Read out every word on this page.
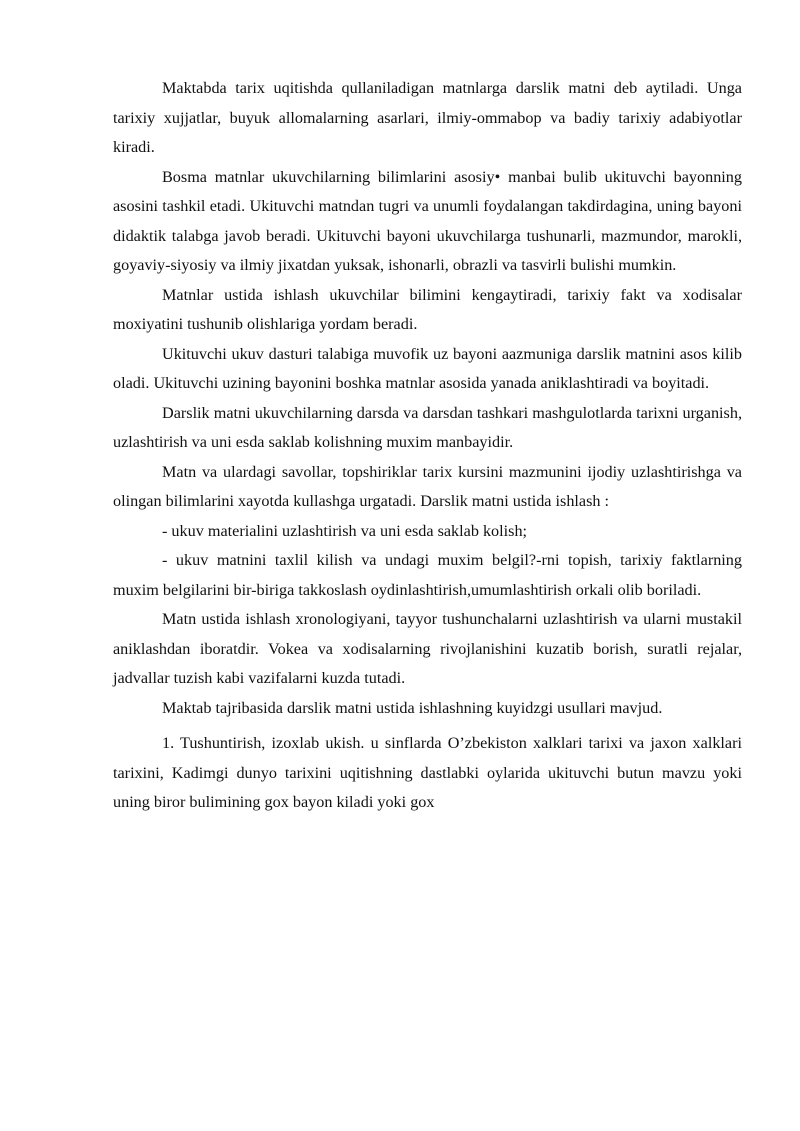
Maktabda tarix uqitishda qullaniladigan matnlarga darslik matni deb aytiladi. Unga tarixiy xujjatlar, buyuk allomalarning asarlari, ilmiy-ommabop va badiy tarixiy adabiyotlar kiradi.

Bosma matnlar ukuvchilarning bilimlarini asosiy• manbai bulib ukituvchi bayonning asosini tashkil etadi. Ukituvchi matndan tugri va unumli foydalangan takdirdagina, uning bayoni didaktik talabga javob beradi. Ukituvchi bayoni ukuvchilarga tushunarli, mazmundor, marokli, goyaviy-siyosiy va ilmiy jixatdan yuksak, ishonarli, obrazli va tasvirli bulishi mumkin.

Matnlar ustida ishlash ukuvchilar bilimini kengaytiradi, tarixiy fakt va xodisalar moxiyatini tushunib olishlariga yordam beradi.

Ukituvchi ukuv dasturi talabiga muvofik uz bayoni aazmuniga darslik matnini asos kilib oladi. Ukituvchi uzining bayonini boshka matnlar asosida yanada aniklashtiradi va boyitadi.

Darslik matni ukuvchilarning darsda va darsdan tashkari mashgulotlarda tarixni urganish, uzlashtirish va uni esda saklab kolishning muxim manbayidir.

Matn va ulardagi savollar, topshiriklar tarix kursini mazmunini ijodiy uzlashtirishga va olingan bilimlarini xayotda kullashga urgatadi. Darslik matni ustida ishlash :

- ukuv materialini uzlashtirish va uni esda saklab kolish;

- ukuv matnini taxlil kilish va undagi muxim belgil?-rni topish, tarixiy faktlarning muxim belgilarini bir-biriga takkoslash oydinlashtirish,umumlashtirish orkali olib boriladi.

Matn ustida ishlash xronologiyani, tayyor tushunchalarni uzlashtirish va ularni mustakil aniklashdan iboratdir. Vokea va xodisalarning rivojlanishini kuzatib borish, suratli rejalar, jadvallar tuzish kabi vazifalarni kuzda tutadi.

Maktab tajribasida darslik matni ustida ishlashning kuyidzgi usullari mavjud.

1. Tushuntirish, izoxlab ukish. u sinflarda O’zbekiston xalklari tarixi va jaxon xalklari tarixini, Kadimgi dunyo tarixini uqitishning dastlabki oylarida ukituvchi butun mavzu yoki uning biror bulimining gox bayon kiladi yoki gox
